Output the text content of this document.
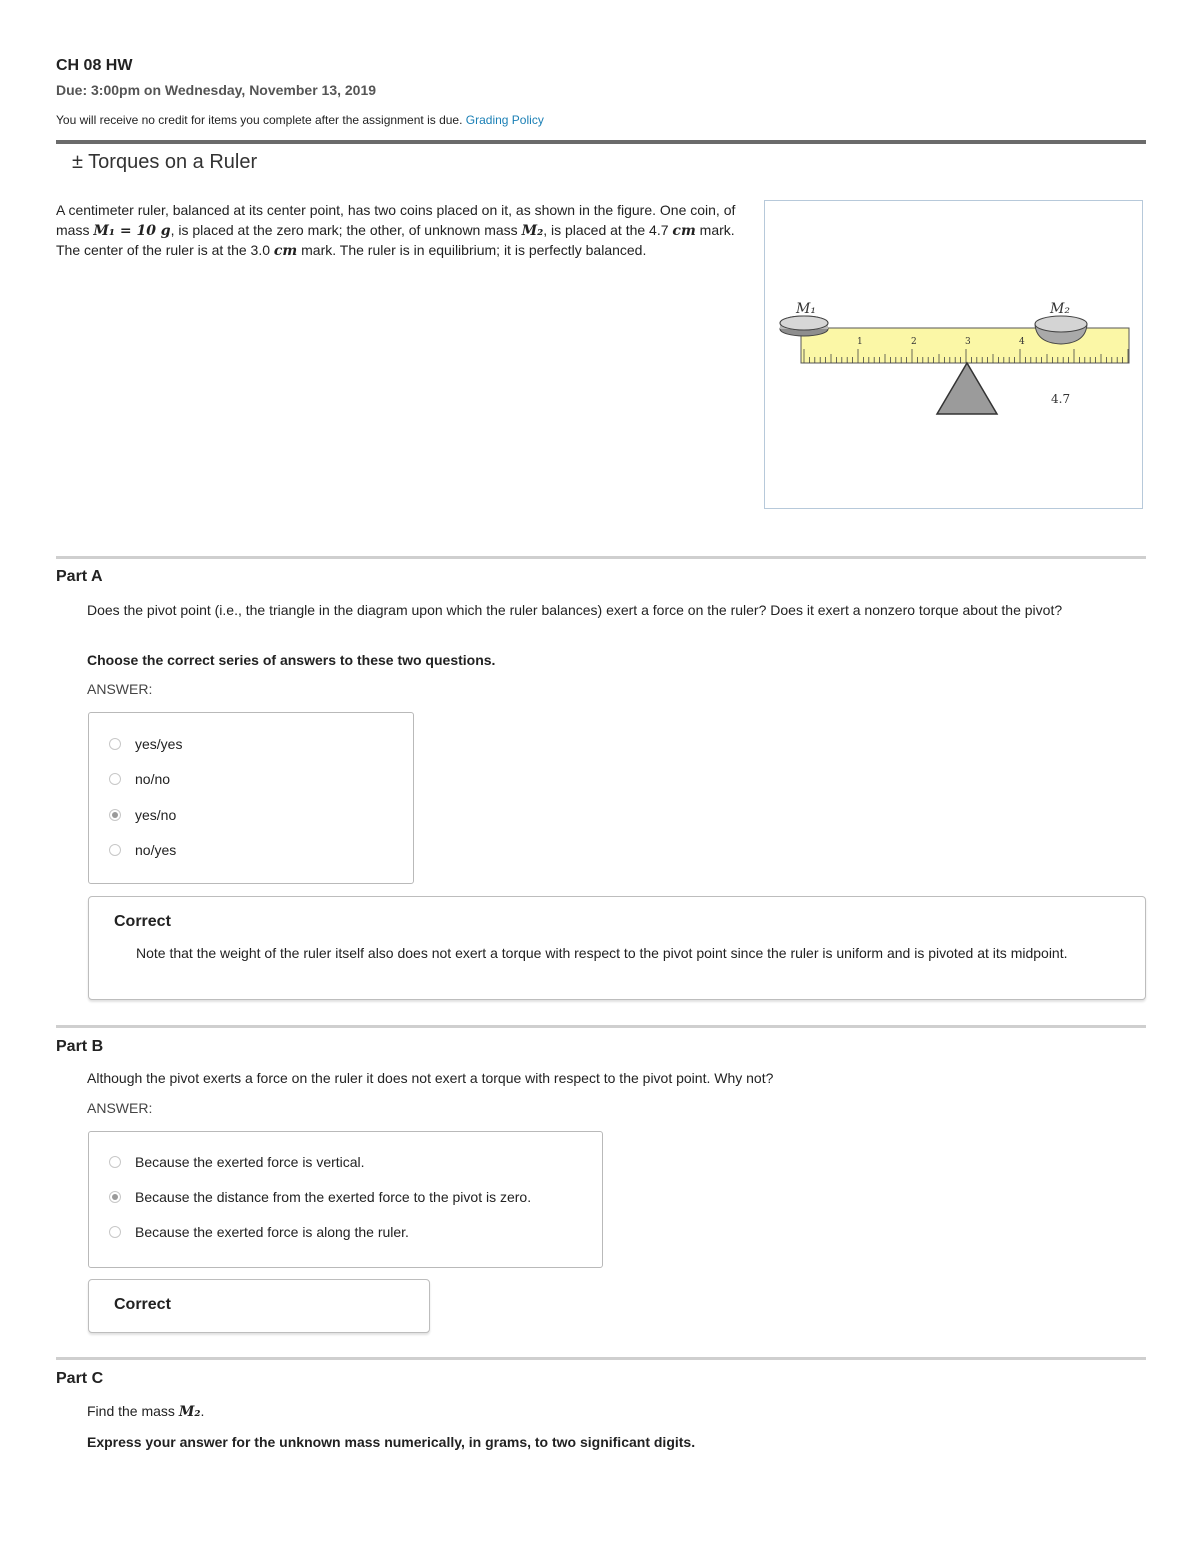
CH 08 HW
Due: 3:00pm on Wednesday, November 13, 2019
You will receive no credit for items you complete after the assignment is due. Grading Policy
± Torques on a Ruler
A centimeter ruler, balanced at its center point, has two coins placed on it, as shown in the figure. One coin, of mass M₁ = 10 g, is placed at the zero mark; the other, of unknown mass M₂, is placed at the 4.7 cm mark. The center of the ruler is at the 3.0 cm mark. The ruler is in equilibrium; it is perfectly balanced.
1	2	3	4
M₁	M₂
4.7
Part A
Does the pivot point (i.e., the triangle in the diagram upon which the ruler balances) exert a force on the ruler? Does it exert a nonzero torque about the pivot?
Choose the correct series of answers to these two questions.
ANSWER:
yes/yes
no/no
yes/no
no/yes
Correct
Note that the weight of the ruler itself also does not exert a torque with respect to the pivot point since the ruler is uniform and is pivoted at its midpoint.
Part B
Although the pivot exerts a force on the ruler it does not exert a torque with respect to the pivot point. Why not?
ANSWER:
Because the exerted force is vertical.
Because the distance from the exerted force to the pivot is zero.
Because the exerted force is along the ruler.
Correct
Part C
Find the mass M₂.
Express your answer for the unknown mass numerically, in grams, to two significant digits.
